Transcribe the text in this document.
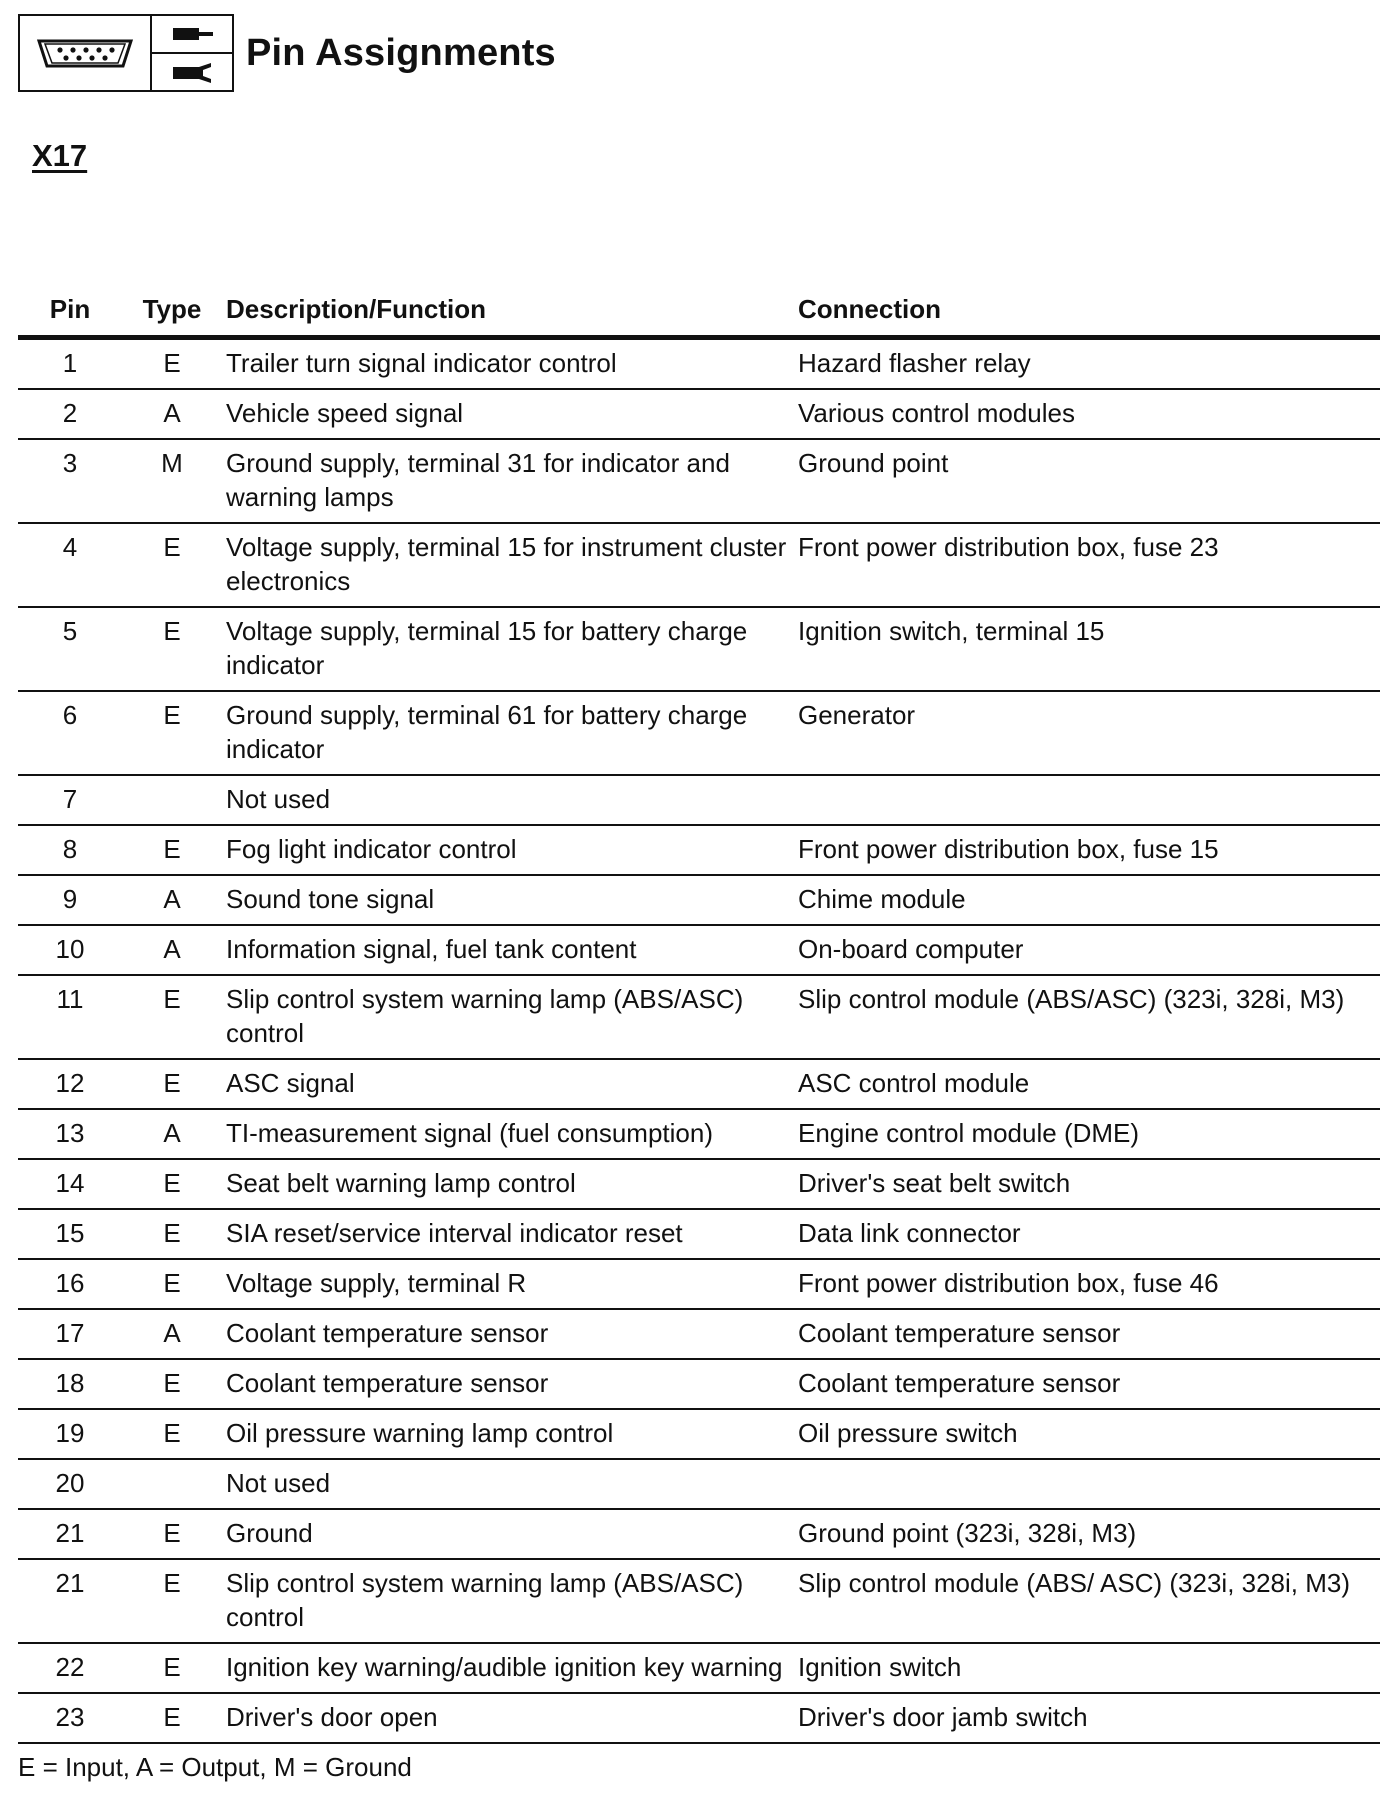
Pin Assignments
X17
Pin	Type	Description/Function	Connection
1	E	Trailer turn signal indicator control	Hazard flasher relay
2	A	Vehicle speed signal	Various control modules
3	M	Ground supply, terminal 31 for indicator and warning lamps	Ground point
4	E	Voltage supply, terminal 15 for instrument cluster electronics	Front power distribution box, fuse 23
5	E	Voltage supply, terminal 15 for battery charge indicator	Ignition switch, terminal 15
6	E	Ground supply, terminal 61 for battery charge indicator	Generator
7		Not used	
8	E	Fog light indicator control	Front power distribution box, fuse 15
9	A	Sound tone signal	Chime module
10	A	Information signal, fuel tank content	On-board computer
11	E	Slip control system warning lamp (ABS/ASC) control	Slip control module (ABS/ASC) (323i, 328i, M3)
12	E	ASC signal	ASC control module
13	A	TI-measurement signal (fuel consumption)	Engine control module (DME)
14	E	Seat belt warning lamp control	Driver's seat belt switch
15	E	SIA reset/service interval indicator reset	Data link connector
16	E	Voltage supply, terminal R	Front power distribution box, fuse 46
17	A	Coolant temperature sensor	Coolant temperature sensor
18	E	Coolant temperature sensor	Coolant temperature sensor
19	E	Oil pressure warning lamp control	Oil pressure switch
20		Not used	
21	E	Ground	Ground point (323i, 328i, M3)
21	E	Slip control system warning lamp (ABS/ASC) control	Slip control module (ABS/ ASC) (323i, 328i, M3)
22	E	Ignition key warning/audible ignition key warning	Ignition switch
23	E	Driver's door open	Driver's door jamb switch
E = Input, A = Output, M = Ground
